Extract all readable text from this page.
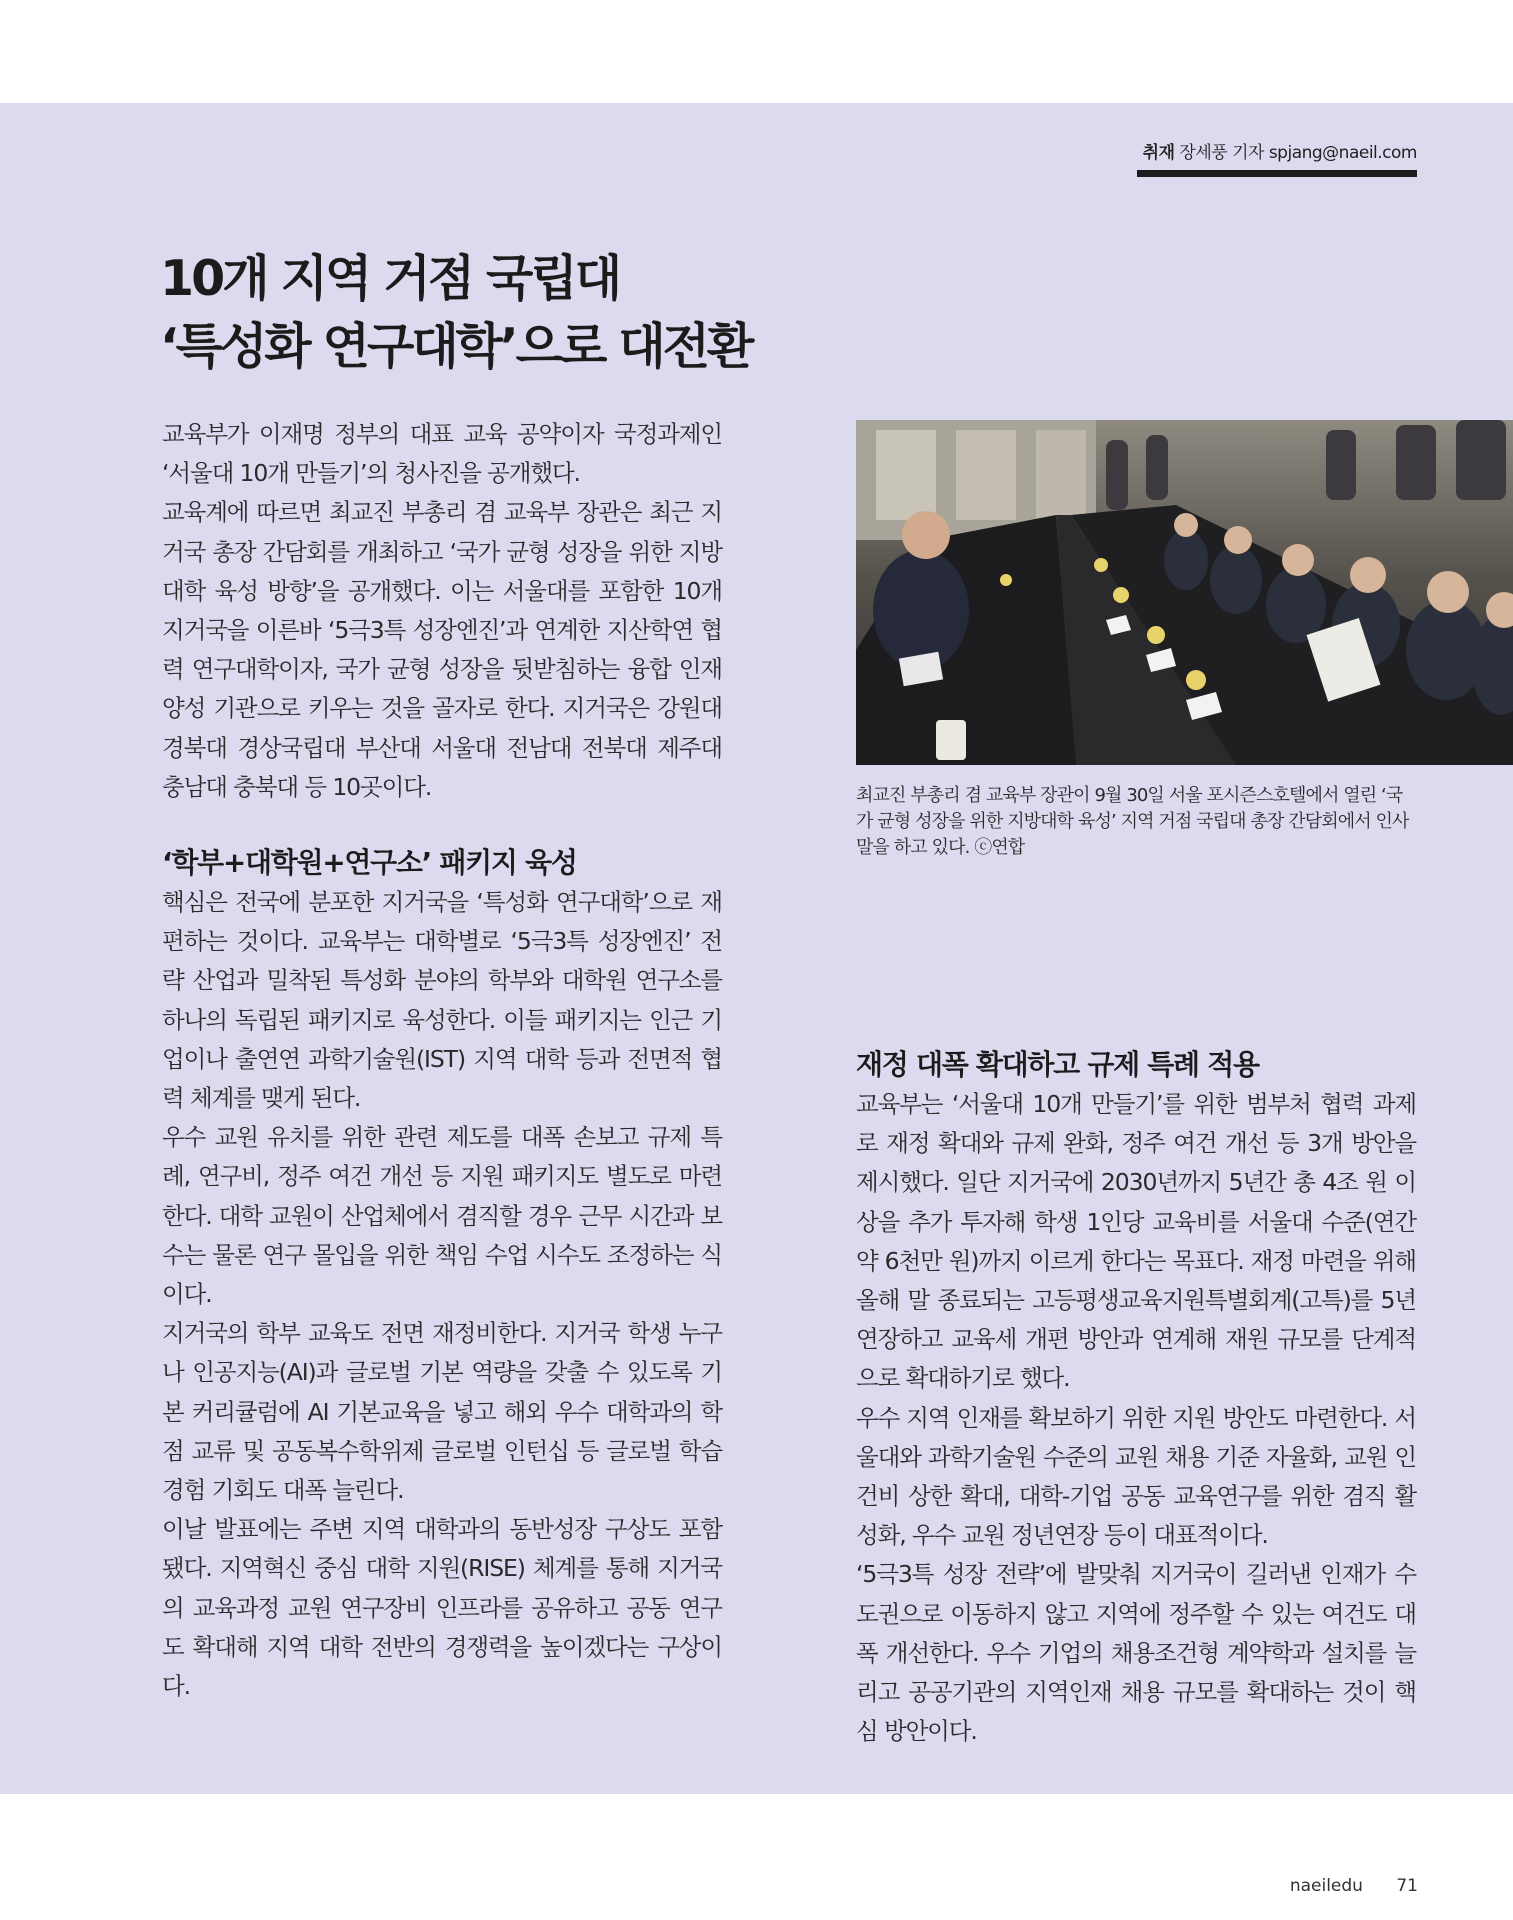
취재 장세풍 기자 spjang@naeil.com
10개 지역 거점 국립대
‘특성화 연구대학’으로 대전환

교육부가 이재명 정부의 대표 교육 공약이자 국정과제인 ‘서울대 10개 만들기’의 청사진을 공개했다.

교육계에 따르면 최교진 부총리 겸 교육부 장관은 최근 지거국 총장 간담회를 개최하고 ‘국가 균형 성장을 위한 지방대학 육성 방향’을 공개했다. 이는 서울대를 포함한 10개 지거국을 이른바 ‘5극3특 성장엔진’과 연계한 지산학연 협력 연구대학이자, 국가 균형 성장을 뒷받침하는 융합 인재 양성 기관으로 키우는 것을 골자로 한다. 지거국은 강원대 경북대 경상국립대 부산대 서울대 전남대 전북대 제주대 충남대 충북대 등 10곳이다.

‘학부+대학원+연구소’ 패키지 육성

핵심은 전국에 분포한 지거국을 ‘특성화 연구대학’으로 재편하는 것이다. 교육부는 대학별로 ‘5극3특 성장엔진’ 전략 산업과 밀착된 특성화 분야의 학부와 대학원 연구소를 하나의 독립된 패키지로 육성한다. 이들 패키지는 인근 기업이나 출연연 과학기술원(IST) 지역 대학 등과 전면적 협력 체계를 맺게 된다.

우수 교원 유치를 위한 관련 제도를 대폭 손보고 규제 특례, 연구비, 정주 여건 개선 등 지원 패키지도 별도로 마련한다. 대학 교원이 산업체에서 겸직할 경우 근무 시간과 보수는 물론 연구 몰입을 위한 책임 수업 시수도 조정하는 식이다.

지거국의 학부 교육도 전면 재정비한다. 지거국 학생 누구나 인공지능(AI)과 글로벌 기본 역량을 갖출 수 있도록 기본 커리큘럼에 AI 기본교육을 넣고 해외 우수 대학과의 학점 교류 및 공동복수학위제 글로벌 인턴십 등 글로벌 학습 경험 기회도 대폭 늘린다.

이날 발표에는 주변 지역 대학과의 동반성장 구상도 포함됐다. 지역혁신 중심 대학 지원(RISE) 체계를 통해 지거국의 교육과정 교원 연구장비 인프라를 공유하고 공동 연구도 확대해 지역 대학 전반의 경쟁력을 높이겠다는 구상이다.

최교진 부총리 겸 교육부 장관이 9월 30일 서울 포시즌스호텔에서 열린 ‘국가 균형 성장을 위한 지방대학 육성’ 지역 거점 국립대 총장 간담회에서 인사말을 하고 있다. ⓒ연합
재정 대폭 확대하고 규제 특례 적용

교육부는 ‘서울대 10개 만들기’를 위한 범부처 협력 과제로 재정 확대와 규제 완화, 정주 여건 개선 등 3개 방안을 제시했다. 일단 지거국에 2030년까지 5년간 총 4조 원 이상을 추가 투자해 학생 1인당 교육비를 서울대 수준(연간 약 6천만 원)까지 이르게 한다는 목표다. 재정 마련을 위해 올해 말 종료되는 고등평생교육지원특별회계(고특)를 5년 연장하고 교육세 개편 방안과 연계해 재원 규모를 단계적으로 확대하기로 했다.

우수 지역 인재를 확보하기 위한 지원 방안도 마련한다. 서울대와 과학기술원 수준의 교원 채용 기준 자율화, 교원 인건비 상한 확대, 대학-기업 공동 교육연구를 위한 겸직 활성화, 우수 교원 정년연장 등이 대표적이다.

‘5극3특 성장 전략’에 발맞춰 지거국이 길러낸 인재가 수도권으로 이동하지 않고 지역에 정주할 수 있는 여건도 대폭 개선한다. 우수 기업의 채용조건형 계약학과 설치를 늘리고 공공기관의 지역인재 채용 규모를 확대하는 것이 핵심 방안이다.

naeiledu 71
